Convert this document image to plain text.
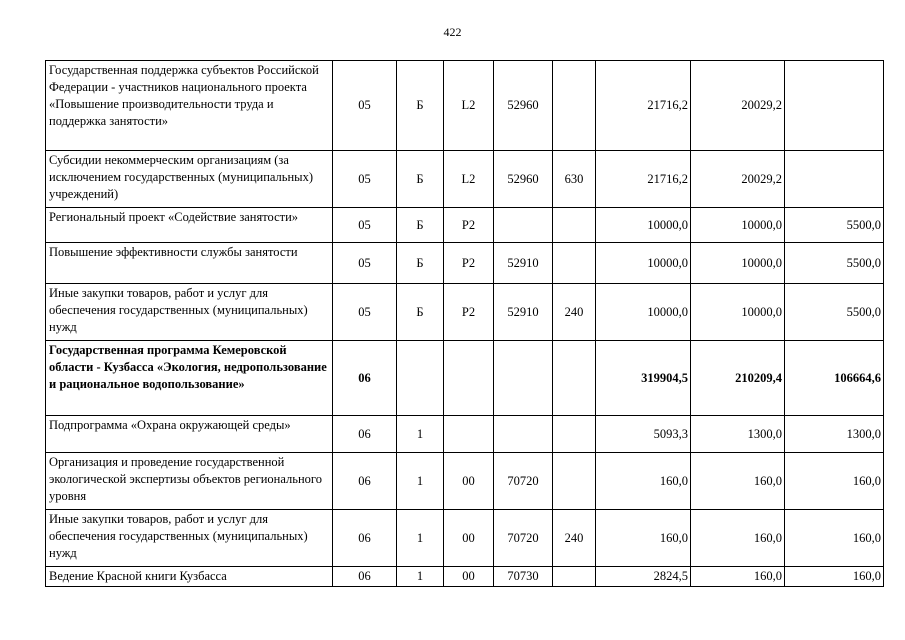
422
Государственная поддержка субъектов Российской Федерации - участников национального проекта «Повышение производительности труда и поддержка занятости»	05	Б	L2	52960		21716,2	20029,2	
Субсидии некоммерческим организациям (за исключением государственных (муниципальных) учреждений)	05	Б	L2	52960	630	21716,2	20029,2	
Региональный проект «Содействие занятости»	05	Б	P2			10000,0	10000,0	5500,0
Повышение эффективности службы занятости	05	Б	P2	52910		10000,0	10000,0	5500,0
Иные закупки товаров, работ и услуг для обеспечения государственных (муниципальных) нужд	05	Б	P2	52910	240	10000,0	10000,0	5500,0
Государственная программа Кемеровской области - Кузбасса «Экология, недропользование и рациональное водопользование»	06					319904,5	210209,4	106664,6
Подпрограмма «Охрана окружающей среды»	06	1				5093,3	1300,0	1300,0
Организация и проведение государственной экологической экспертизы объектов регионального уровня	06	1	00	70720		160,0	160,0	160,0
Иные закупки товаров, работ и услуг для обеспечения государственных (муниципальных) нужд	06	1	00	70720	240	160,0	160,0	160,0
Ведение Красной книги Кузбасса	06	1	00	70730		2824,5	160,0	160,0
